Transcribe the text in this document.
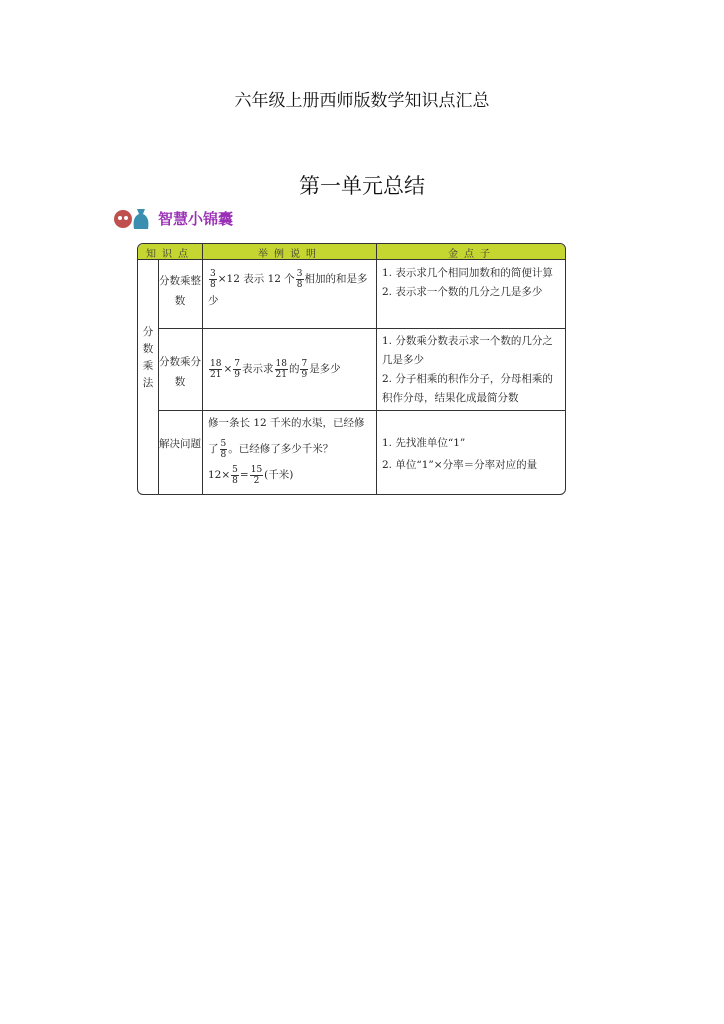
六年级上册西师版数学知识点汇总
第一单元总结
智慧小锦囊
知识点	举例说明	金点子
分数乘法
分数乘整数
$\frac{3}{8} \times 12$ 表示 12 个 $\frac{3}{8}$ 相加的和是多少
1. 表示求几个相同加数和的简便计算
2. 表示求一个数的几分之几是多少
分数乘分数
$\frac{18}{21} \times \frac{7}{9}$ 表示求 $\frac{18}{21}$ 的 $\frac{7}{9}$ 是多少
1. 分数乘分数表示求一个数的几分之几是多少
2. 分子相乘的积作分子，分母相乘的积作分母，结果化成最简分数
解决问题
修一条长 12 千米的水渠，已经修
了 $\frac{5}{8}$ 。已经修了多少千米？
$12\times \frac{5}{8} = \frac{15}{2}$ (千米)
1. 先找准单位“1”
2. 单位“1”×分率＝分率对应的量
